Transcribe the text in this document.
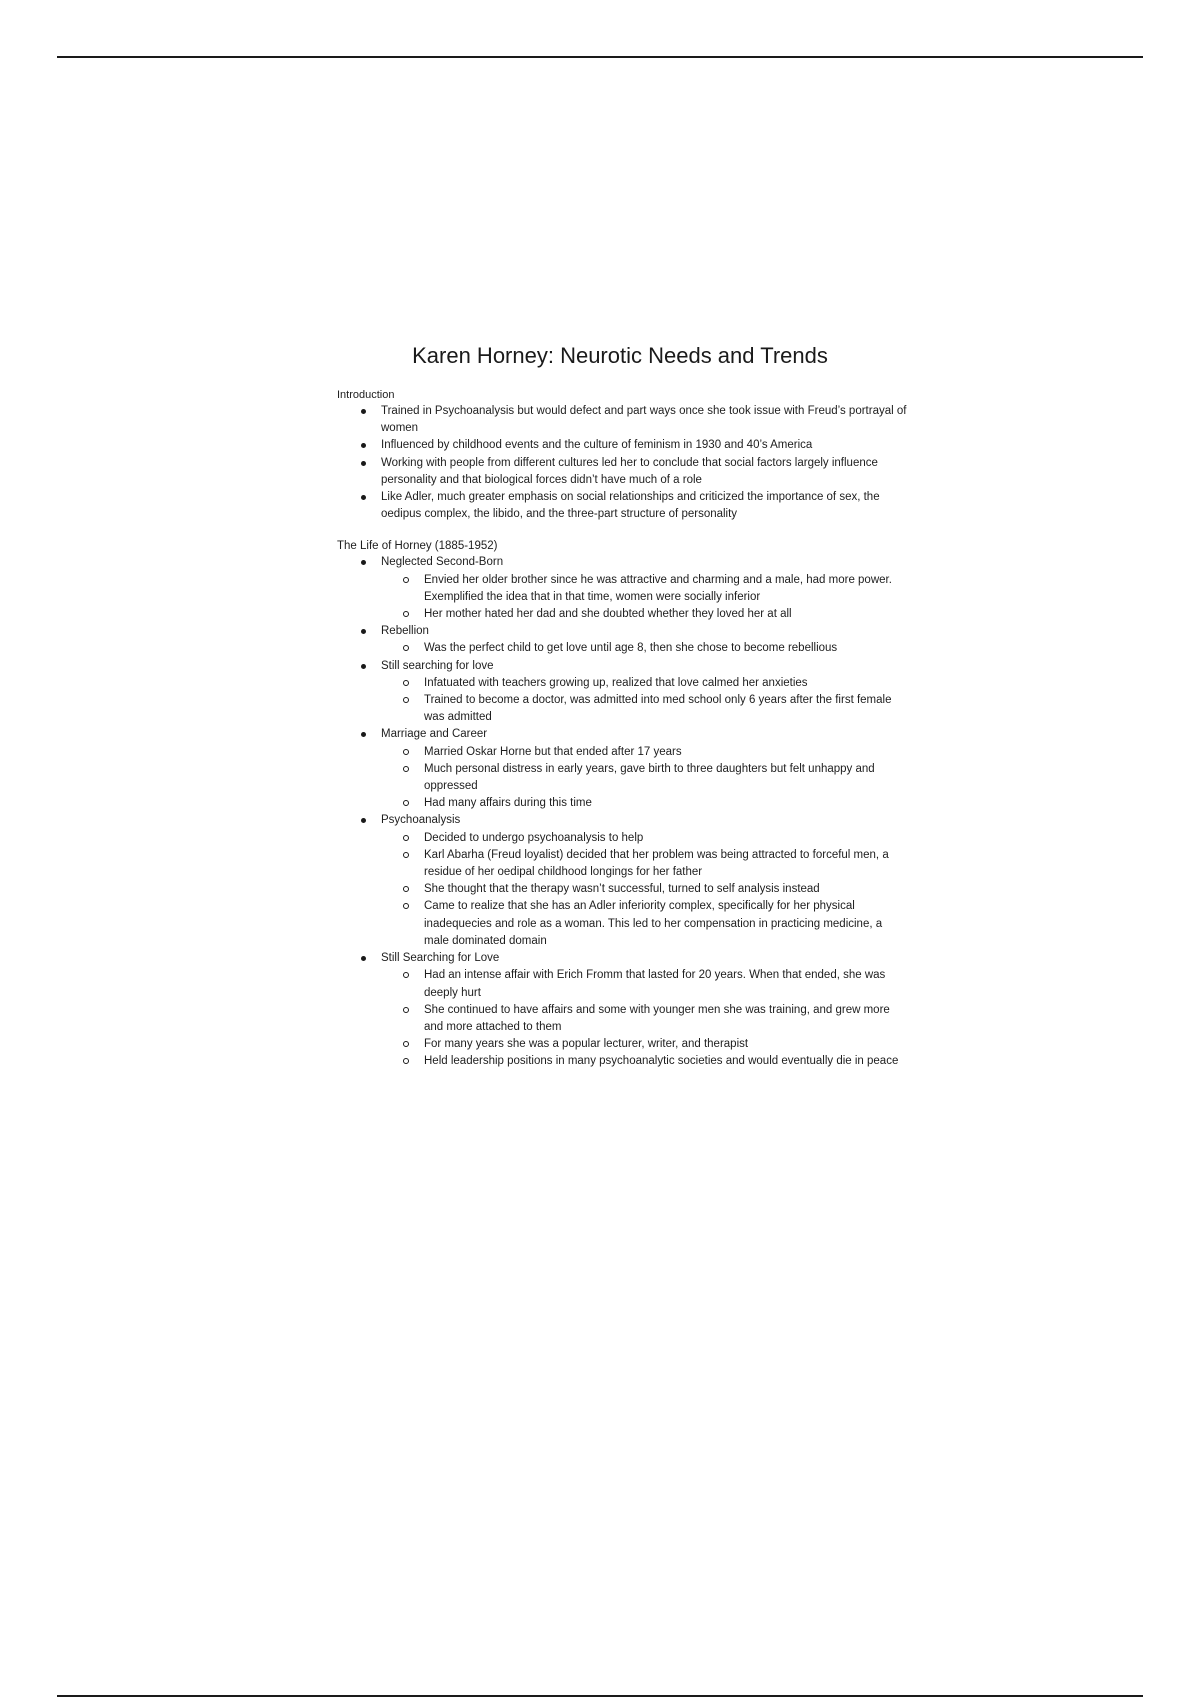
Karen Horney: Neurotic Needs and Trends

Introduction

Trained in Psychoanalysis but would defect and part ways once she took issue with Freud’s portrayal of women
Influenced by childhood events and the culture of feminism in 1930 and 40’s America
Working with people from different cultures led her to conclude that social factors largely influence personality and that biological forces didn’t have much of a role
Like Adler, much greater emphasis on social relationships and criticized the importance of sex, the oedipus complex, the libido, and the three-part structure of personality

The Life of Horney (1885-1952)

Neglected Second-Born
Envied her older brother since he was attractive and charming and a male, had more power. Exemplified the idea that in that time, women were socially inferior
Her mother hated her dad and she doubted whether they loved her at all
Rebellion
Was the perfect child to get love until age 8, then she chose to become rebellious
Still searching for love
Infatuated with teachers growing up, realized that love calmed her anxieties
Trained to become a doctor, was admitted into med school only 6 years after the first female was admitted
Marriage and Career
Married Oskar Horne but that ended after 17 years
Much personal distress in early years, gave birth to three daughters but felt unhappy and oppressed
Had many affairs during this time
Psychoanalysis
Decided to undergo psychoanalysis to help
Karl Abarha (Freud loyalist) decided that her problem was being attracted to forceful men, a residue of her oedipal childhood longings for her father
She thought that the therapy wasn’t successful, turned to self analysis instead
Came to realize that she has an Adler inferiority complex, specifically for her physical inadequecies and role as a woman. This led to her compensation in practicing medicine, a male dominated domain
Still Searching for Love
Had an intense affair with Erich Fromm that lasted for 20 years. When that ended, she was deeply hurt
She continued to have affairs and some with younger men she was training, and grew more and more attached to them
For many years she was a popular lecturer, writer, and therapist
Held leadership positions in many psychoanalytic societies and would eventually die in peace
